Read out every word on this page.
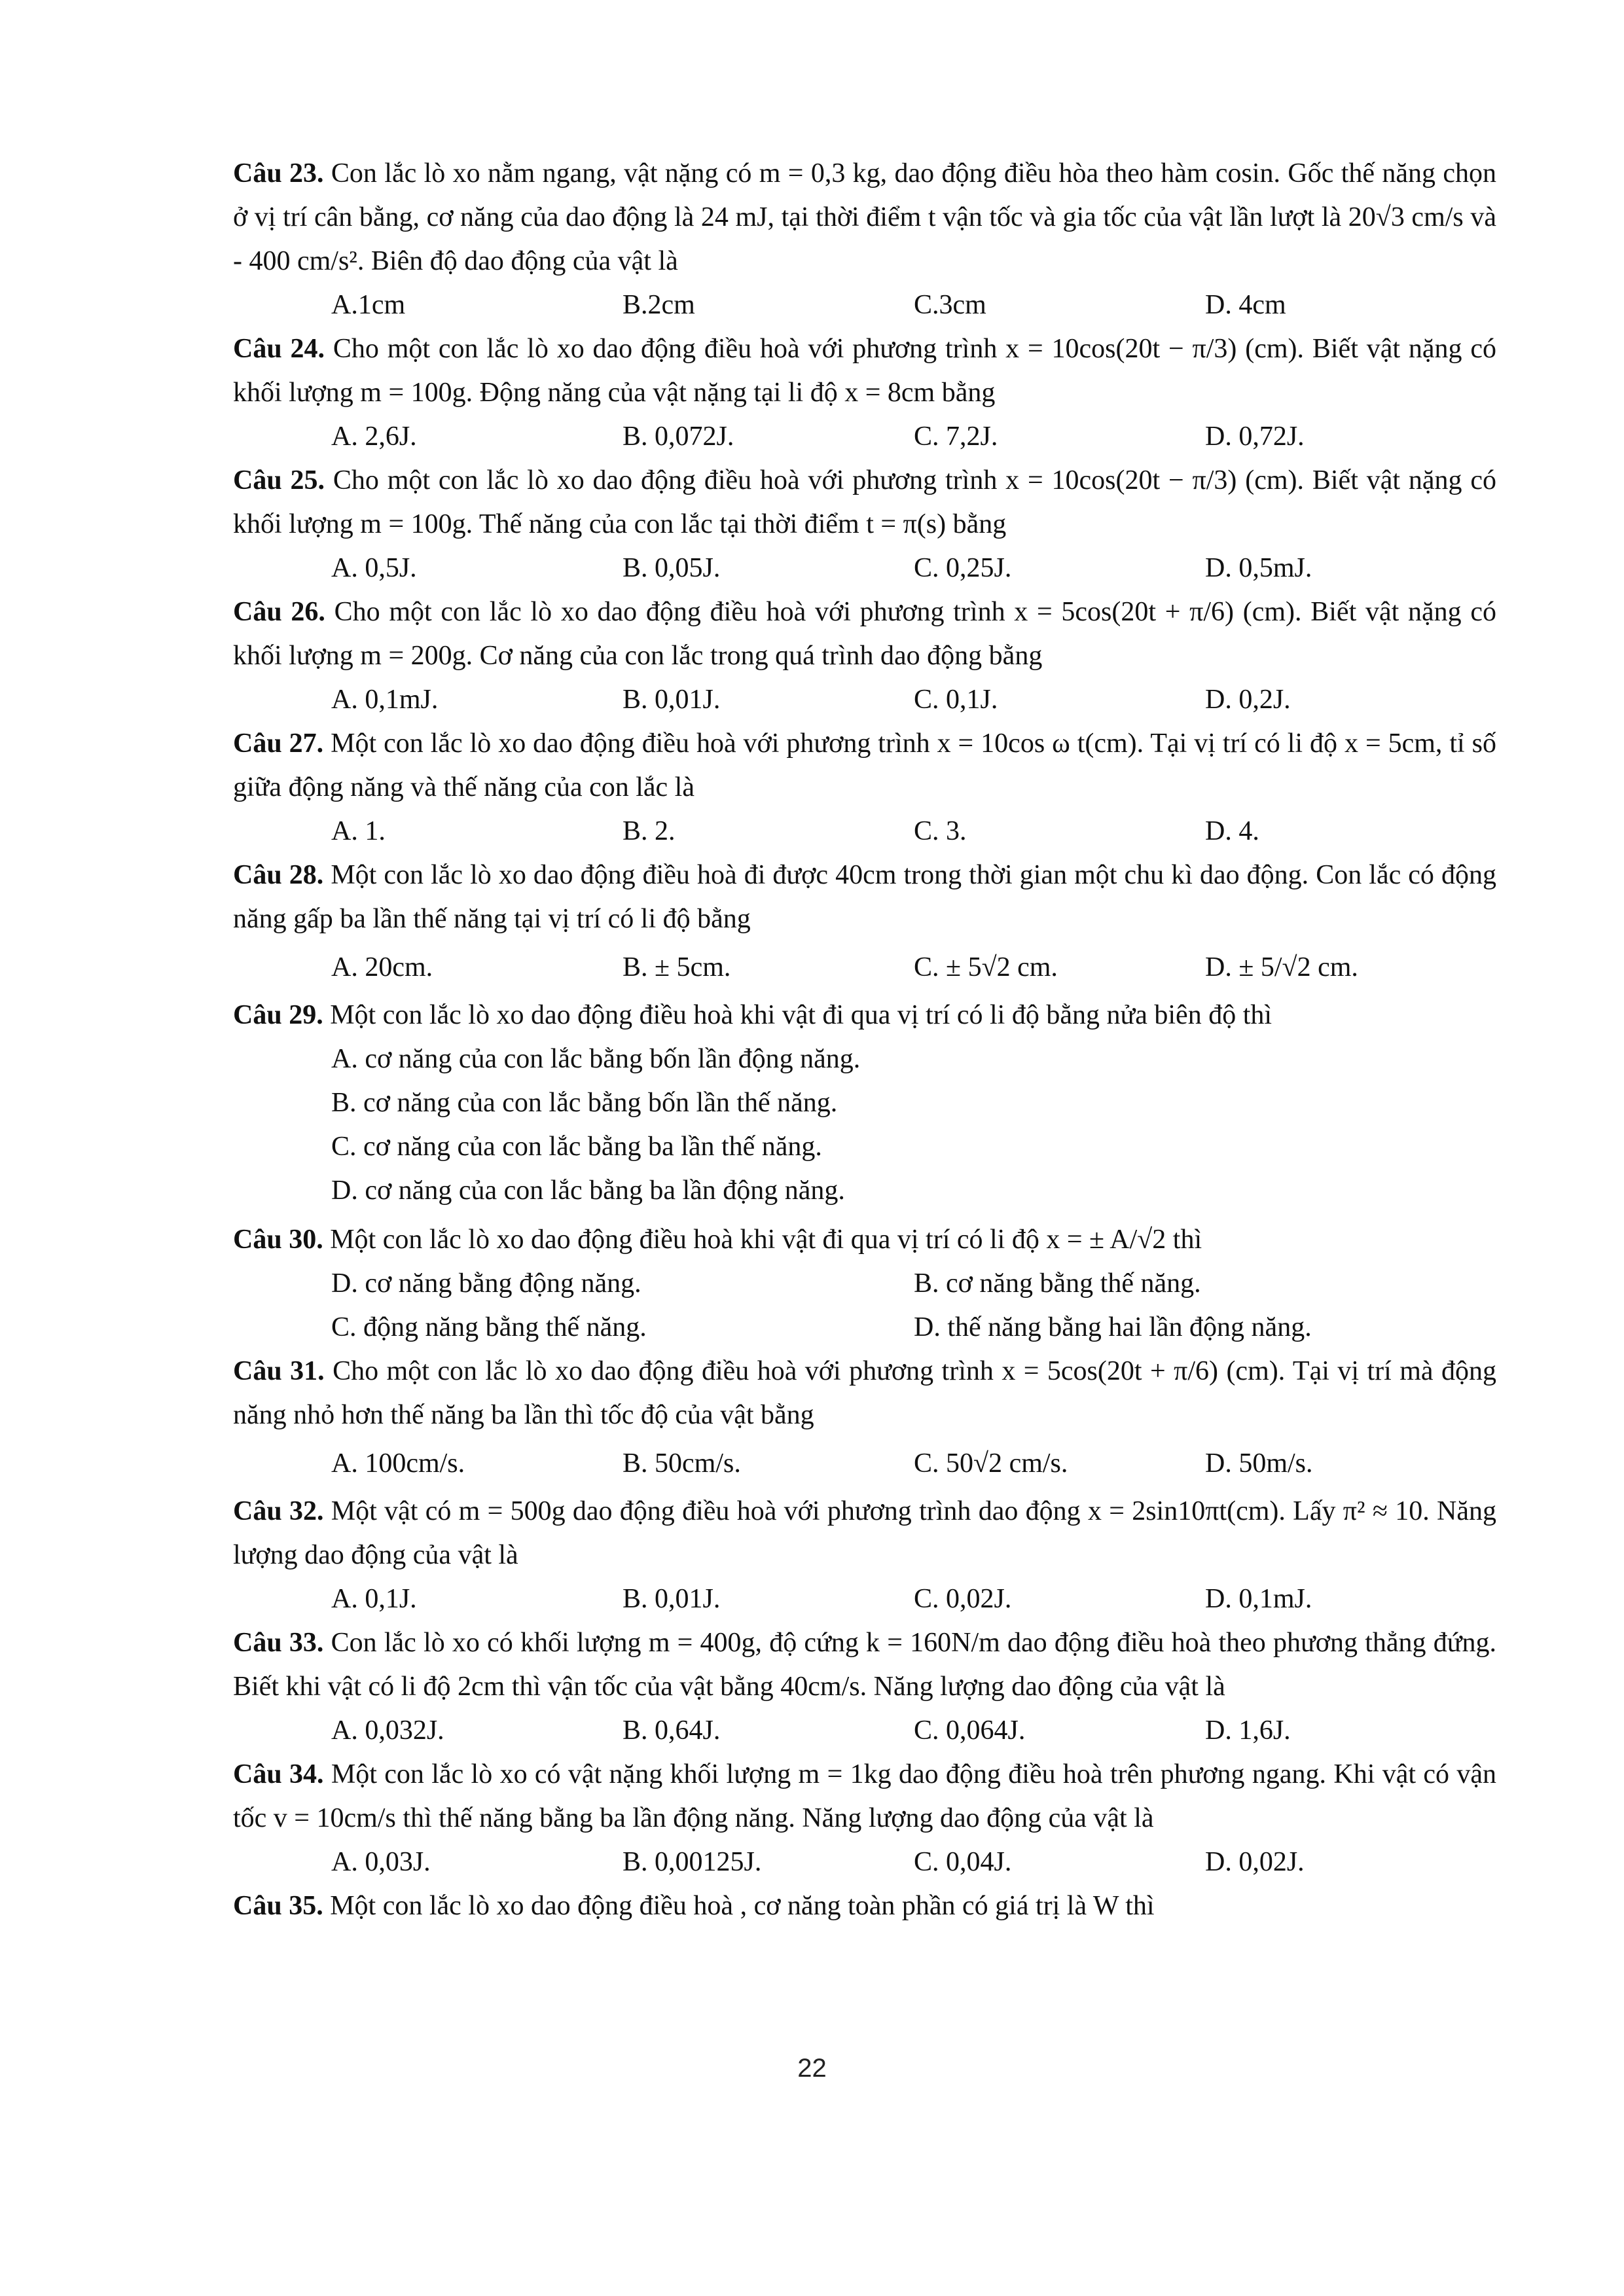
Câu 23. Con lắc lò xo nằm ngang, vật nặng có m = 0,3 kg, dao động điều hòa theo hàm cosin. Gốc thế năng chọn ở vị trí cân bằng, cơ năng của dao động là 24 mJ, tại thời điểm t vận tốc và gia tốc của vật lần lượt là 20√3 cm/s và - 400 cm/s². Biên độ dao động của vật là

A.1cm	B.2cm	C.3cm	D. 4cm

Câu 24. Cho một con lắc lò xo dao động điều hoà với phương trình x = 10cos(20t − π/3) (cm). Biết vật nặng có khối lượng m = 100g. Động năng của vật nặng tại li độ x = 8cm bằng

A. 2,6J.	B. 0,072J.	C. 7,2J.	D. 0,72J.

Câu 25. Cho một con lắc lò xo dao động điều hoà với phương trình x = 10cos(20t − π/3) (cm). Biết vật nặng có khối lượng m = 100g. Thế năng của con lắc tại thời điểm t = π(s) bằng

A. 0,5J.	B. 0,05J.	C. 0,25J.	D. 0,5mJ.

Câu 26. Cho một con lắc lò xo dao động điều hoà với phương trình x = 5cos(20t + π/6) (cm). Biết vật nặng có khối lượng m = 200g. Cơ năng của con lắc trong quá trình dao động bằng

A. 0,1mJ.	B. 0,01J.	C. 0,1J.	D. 0,2J.

Câu 27. Một con lắc lò xo dao động điều hoà với phương trình x = 10cos ω t(cm). Tại vị trí có li độ x = 5cm, tỉ số giữa động năng và thế năng của con lắc là

A. 1.	B. 2.	C. 3.	D. 4.

Câu 28. Một con lắc lò xo dao động điều hoà đi được 40cm trong thời gian một chu kì dao động. Con lắc có động năng gấp ba lần thế năng tại vị trí có li độ bằng

A. 20cm.	B. ± 5cm.	C. ± 5√2 cm.	D. ± 5/√2 cm.

Câu 29. Một con lắc lò xo dao động điều hoà khi vật đi qua vị trí có li độ bằng nửa biên độ thì

A. cơ năng của con lắc bằng bốn lần động năng.
B. cơ năng của con lắc bằng bốn lần thế năng.
C. cơ năng của con lắc bằng ba lần thế năng.
D. cơ năng của con lắc bằng ba lần động năng.

Câu 30. Một con lắc lò xo dao động điều hoà khi vật đi qua vị trí có li độ x = ± A/√2 thì

D. cơ năng bằng động năng.	B. cơ năng bằng thế năng.
C. động năng bằng thế năng.	D. thế năng bằng hai lần động năng.

Câu 31. Cho một con lắc lò xo dao động điều hoà với phương trình x = 5cos(20t + π/6) (cm). Tại vị trí mà động năng nhỏ hơn thế năng ba lần thì tốc độ của vật bằng

A. 100cm/s.	B. 50cm/s.	C. 50√2 cm/s.	D. 50m/s.

Câu 32. Một vật có m = 500g dao động điều hoà với phương trình dao động x = 2sin10πt(cm). Lấy π² ≈ 10. Năng lượng dao động của vật là

A. 0,1J.	B. 0,01J.	C. 0,02J.	D. 0,1mJ.

Câu 33. Con lắc lò xo có khối lượng m = 400g, độ cứng k = 160N/m dao động điều hoà theo phương thẳng đứng. Biết khi vật có li độ 2cm thì vận tốc của vật bằng 40cm/s. Năng lượng dao động của vật là

A. 0,032J.	B. 0,64J.	C. 0,064J.	D. 1,6J.

Câu 34. Một con lắc lò xo có vật nặng khối lượng m = 1kg dao động điều hoà trên phương ngang. Khi vật có vận tốc v = 10cm/s thì thế năng bằng ba lần động năng. Năng lượng dao động của vật là

A. 0,03J.	B. 0,00125J.	C. 0,04J.	D. 0,02J.

Câu 35. Một con lắc lò xo dao động điều hoà , cơ năng toàn phần có giá trị là W thì

22
